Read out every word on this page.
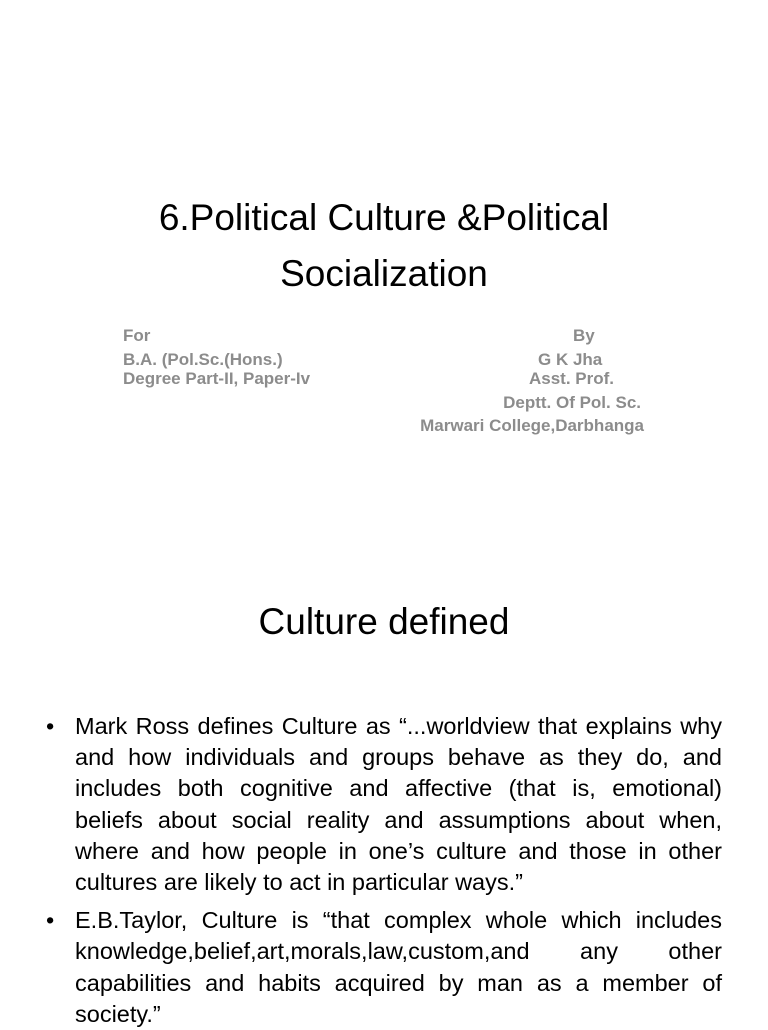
6.Political Culture &Political Socialization
For
B.A. (Pol.Sc.(Hons.)
Degree Part-II, Paper-Iv
By
G K Jha
Asst. Prof.
Deptt. Of Pol. Sc.
Marwari College,Darbhanga
Culture defined
• Mark Ross defines Culture as “...worldview that explains why and how individuals and groups behave as they do, and includes both cognitive and affective (that is, emotional) beliefs about social reality and assumptions about when, where and how people in one’s culture and those in other cultures are likely to act in particular ways.”
• E.B.Taylor, Culture is “that complex whole which includes knowledge,belief,art,morals,law,custom,and any other capabilities and habits acquired by man as a member of society.”
